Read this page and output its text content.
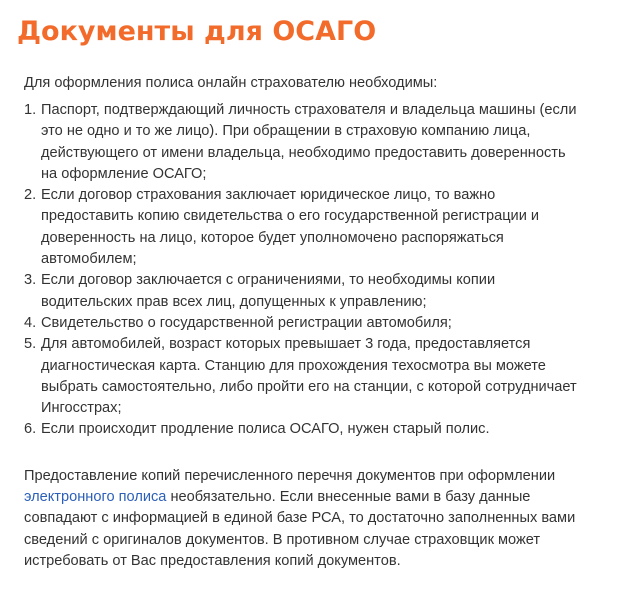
Документы для ОСАГО

Для оформления полиса онлайн страхователю необходимы:

1. Паспорт, подтверждающий личность страхователя и владельца машины (если
это не одно и то же лицо). При обращении в страховую компанию лица,
действующего от имени владельца, необходимо предоставить доверенность
на оформление ОСАГО;
2. Если договор страхования заключает юридическое лицо, то важно
предоставить копию свидетельства о его государственной регистрации и
доверенность на лицо, которое будет уполномочено распоряжаться
автомобилем;
3. Если договор заключается с ограничениями, то необходимы копии
водительских прав всех лиц, допущенных к управлению;
4. Свидетельство о государственной регистрации автомобиля;
5. Для автомобилей, возраст которых превышает 3 года, предоставляется
диагностическая карта. Станцию для прохождения техосмотра вы можете
выбрать самостоятельно, либо пройти его на станции, с которой сотрудничает
Ингосстрах;
6. Если происходит продление полиса ОСАГО, нужен старый полис.

Предоставление копий перечисленного перечня документов при оформлении
электронного полиса необязательно. Если внесенные вами в базу данные
совпадают с информацией в единой базе РСА, то достаточно заполненных вами
сведений с оригиналов документов. В противном случае страховщик может
истребовать от Вас предоставления копий документов.
